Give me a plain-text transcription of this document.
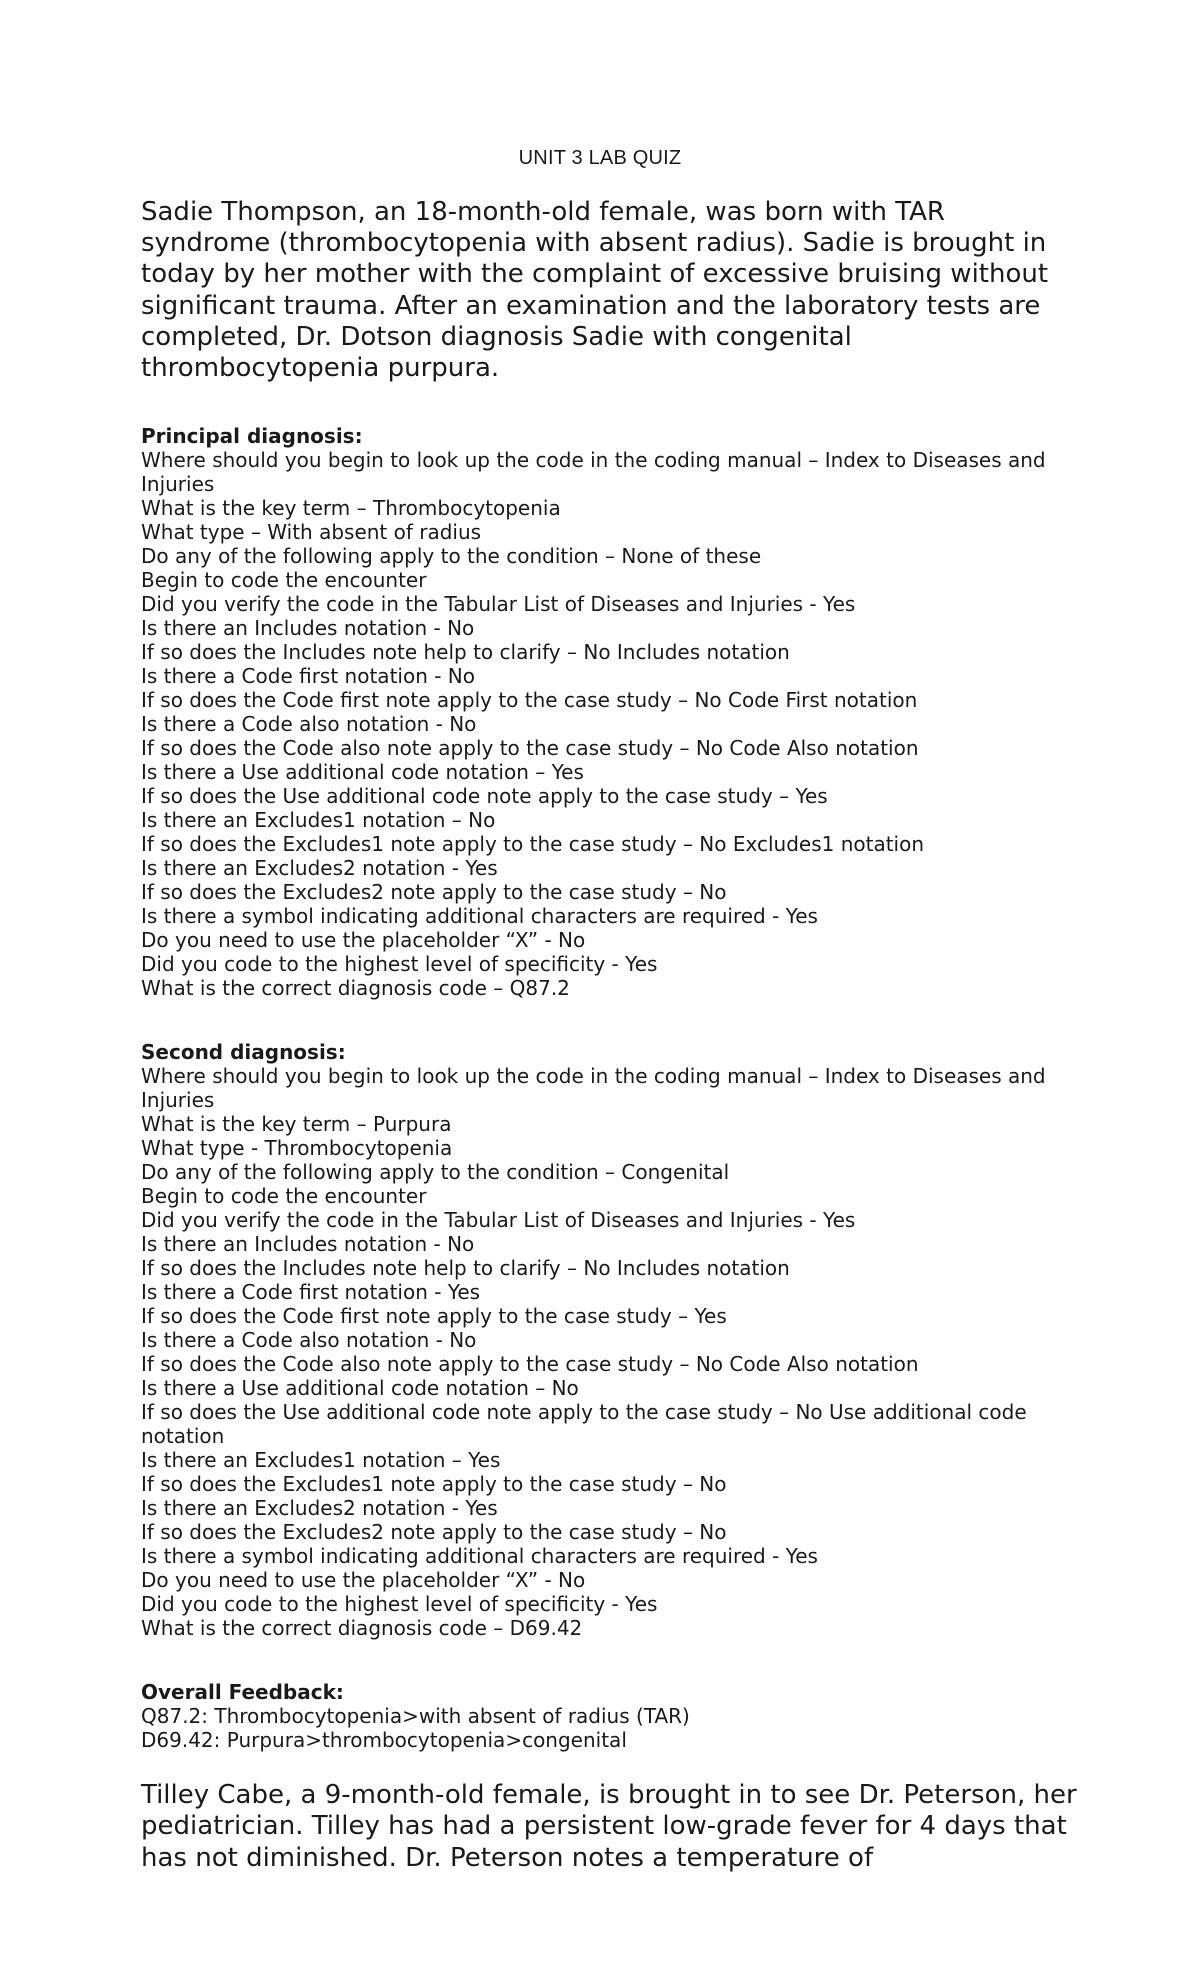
UNIT 3 LAB QUIZ

Sadie Thompson, an 18-month-old female, was born with TAR syndrome (thrombocytopenia with absent radius). Sadie is brought in today by her mother with the complaint of excessive bruising without significant trauma. After an examination and the laboratory tests are completed, Dr. Dotson diagnosis Sadie with congenital thrombocytopenia purpura.

Principal diagnosis:

Where should you begin to look up the code in the coding manual – Index to Diseases and Injuries

What is the key term – Thrombocytopenia

What type – With absent of radius

Do any of the following apply to the condition – None of these

Begin to code the encounter

Did you verify the code in the Tabular List of Diseases and Injuries - Yes

Is there an Includes notation - No

If so does the Includes note help to clarify – No Includes notation

Is there a Code first notation - No

If so does the Code first note apply to the case study – No Code First notation

Is there a Code also notation - No

If so does the Code also note apply to the case study – No Code Also notation

Is there a Use additional code notation – Yes

If so does the Use additional code note apply to the case study – Yes

Is there an Excludes1 notation – No

If so does the Excludes1 note apply to the case study – No Excludes1 notation

Is there an Excludes2 notation - Yes

If so does the Excludes2 note apply to the case study – No

Is there a symbol indicating additional characters are required - Yes

Do you need to use the placeholder “X” - No

Did you code to the highest level of specificity - Yes

What is the correct diagnosis code – Q87.2

Second diagnosis:

Where should you begin to look up the code in the coding manual – Index to Diseases and Injuries

What is the key term – Purpura

What type - Thrombocytopenia

Do any of the following apply to the condition – Congenital

Begin to code the encounter

Did you verify the code in the Tabular List of Diseases and Injuries - Yes

Is there an Includes notation - No

If so does the Includes note help to clarify – No Includes notation

Is there a Code first notation - Yes

If so does the Code first note apply to the case study – Yes

Is there a Code also notation - No

If so does the Code also note apply to the case study – No Code Also notation

Is there a Use additional code notation – No

If so does the Use additional code note apply to the case study – No Use additional code notation

Is there an Excludes1 notation – Yes

If so does the Excludes1 note apply to the case study – No

Is there an Excludes2 notation - Yes

If so does the Excludes2 note apply to the case study – No

Is there a symbol indicating additional characters are required - Yes

Do you need to use the placeholder “X” - No

Did you code to the highest level of specificity - Yes

What is the correct diagnosis code – D69.42

Overall Feedback:

Q87.2: Thrombocytopenia>with absent of radius (TAR)

D69.42: Purpura>thrombocytopenia>congenital

Tilley Cabe, a 9-month-old female, is brought in to see Dr. Peterson, her pediatrician. Tilley has had a persistent low-grade fever for 4 days that has not diminished. Dr. Peterson notes a temperature of
